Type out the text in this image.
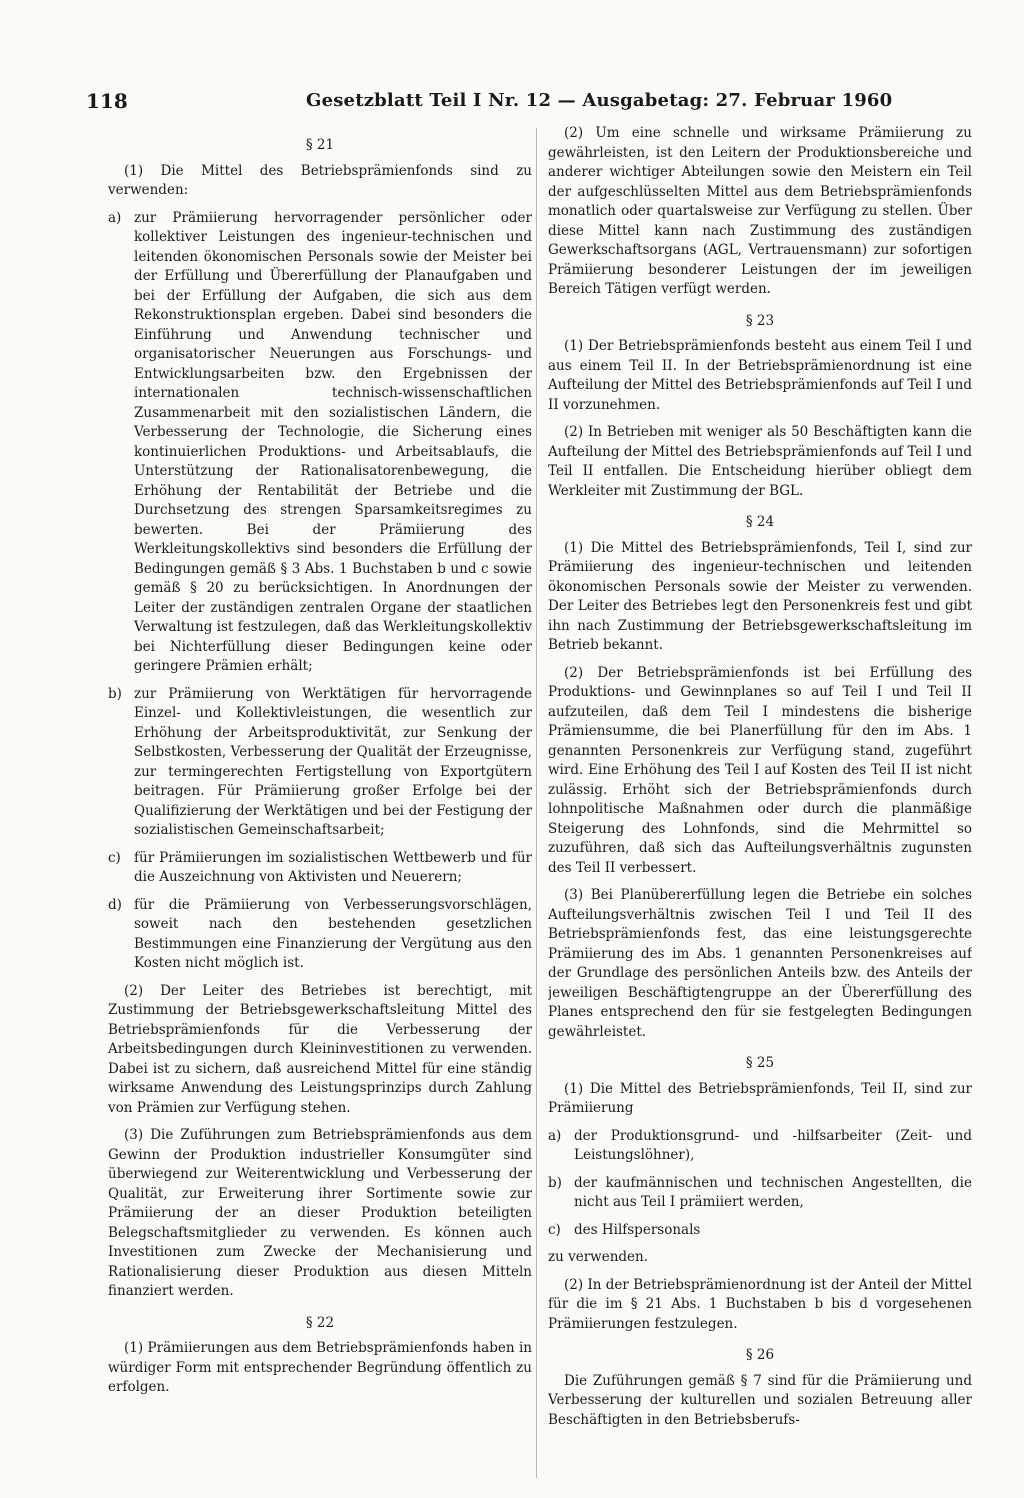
118	Gesetzblatt Teil I Nr. 12 — Ausgabetag: 27. Februar 1960

§ 21

(1) Die Mittel des Betriebsprämienfonds sind zu verwenden:

a) zur Prämiierung hervorragender persönlicher oder kollektiver Leistungen des ingenieur-technischen und leitenden ökonomischen Personals sowie der Meister bei der Erfüllung und Übererfüllung der Planaufgaben und bei der Erfüllung der Aufgaben, die sich aus dem Rekonstruktionsplan ergeben. Dabei sind besonders die Einführung und Anwendung technischer und organisatorischer Neuerungen aus Forschungs- und Entwicklungsarbeiten bzw. den Ergebnissen der internationalen technisch-wissenschaftlichen Zusammenarbeit mit den sozialistischen Ländern, die Verbesserung der Technologie, die Sicherung eines kontinuierlichen Produktions- und Arbeitsablaufs, die Unterstützung der Rationalisatorenbewegung, die Erhöhung der Rentabilität der Betriebe und die Durchsetzung des strengen Sparsamkeitsregimes zu bewerten. Bei der Prämiierung des Werkleitungskollektivs sind besonders die Erfüllung der Bedingungen gemäß § 3 Abs. 1 Buchstaben b und c sowie gemäß § 20 zu berücksichtigen. In Anordnungen der Leiter der zuständigen zentralen Organe der staatlichen Verwaltung ist festzulegen, daß das Werkleitungskollektiv bei Nichterfüllung dieser Bedingungen keine oder geringere Prämien erhält;
b) zur Prämiierung von Werktätigen für hervorragende Einzel- und Kollektivleistungen, die wesentlich zur Erhöhung der Arbeitsproduktivität, zur Senkung der Selbstkosten, Verbesserung der Qualität der Erzeugnisse, zur termingerechten Fertigstellung von Exportgütern beitragen. Für Prämiierung großer Erfolge bei der Qualifizierung der Werktätigen und bei der Festigung der sozialistischen Gemeinschaftsarbeit;
c) für Prämiierungen im sozialistischen Wettbewerb und für die Auszeichnung von Aktivisten und Neuerern;
d) für die Prämiierung von Verbesserungsvorschlägen, soweit nach den bestehenden gesetzlichen Bestimmungen eine Finanzierung der Vergütung aus den Kosten nicht möglich ist.

(2) Der Leiter des Betriebes ist berechtigt, mit Zustimmung der Betriebsgewerkschaftsleitung Mittel des Betriebsprämienfonds für die Verbesserung der Arbeitsbedingungen durch Kleininvestitionen zu verwenden. Dabei ist zu sichern, daß ausreichend Mittel für eine ständig wirksame Anwendung des Leistungsprinzips durch Zahlung von Prämien zur Verfügung stehen.

(3) Die Zuführungen zum Betriebsprämienfonds aus dem Gewinn der Produktion industrieller Konsumgüter sind überwiegend zur Weiterentwicklung und Verbesserung der Qualität, zur Erweiterung ihrer Sortimente sowie zur Prämiierung der an dieser Produktion beteiligten Belegschaftsmitglieder zu verwenden. Es können auch Investitionen zum Zwecke der Mechanisierung und Rationalisierung dieser Produktion aus diesen Mitteln finanziert werden.

§ 22

(1) Prämiierungen aus dem Betriebsprämienfonds haben in würdiger Form mit entsprechender Begründung öffentlich zu erfolgen.

(2) Um eine schnelle und wirksame Prämiierung zu gewährleisten, ist den Leitern der Produktionsbereiche und anderer wichtiger Abteilungen sowie den Meistern ein Teil der aufgeschlüsselten Mittel aus dem Betriebsprämienfonds monatlich oder quartalsweise zur Verfügung zu stellen. Über diese Mittel kann nach Zustimmung des zuständigen Gewerkschaftsorgans (AGL, Vertrauensmann) zur sofortigen Prämiierung besonderer Leistungen der im jeweiligen Bereich Tätigen verfügt werden.

§ 23

(1) Der Betriebsprämienfonds besteht aus einem Teil I und aus einem Teil II. In der Betriebsprämienordnung ist eine Aufteilung der Mittel des Betriebsprämienfonds auf Teil I und II vorzunehmen.

(2) In Betrieben mit weniger als 50 Beschäftigten kann die Aufteilung der Mittel des Betriebsprämienfonds auf Teil I und Teil II entfallen. Die Entscheidung hierüber obliegt dem Werkleiter mit Zustimmung der BGL.

§ 24

(1) Die Mittel des Betriebsprämienfonds, Teil I, sind zur Prämiierung des ingenieur-technischen und leitenden ökonomischen Personals sowie der Meister zu verwenden. Der Leiter des Betriebes legt den Personenkreis fest und gibt ihn nach Zustimmung der Betriebsgewerkschaftsleitung im Betrieb bekannt.

(2) Der Betriebsprämienfonds ist bei Erfüllung des Produktions- und Gewinnplanes so auf Teil I und Teil II aufzuteilen, daß dem Teil I mindestens die bisherige Prämiensumme, die bei Planerfüllung für den im Abs. 1 genannten Personenkreis zur Verfügung stand, zugeführt wird. Eine Erhöhung des Teil I auf Kosten des Teil II ist nicht zulässig. Erhöht sich der Betriebsprämienfonds durch lohnpolitische Maßnahmen oder durch die planmäßige Steigerung des Lohnfonds, sind die Mehrmittel so zuzuführen, daß sich das Aufteilungsverhältnis zugunsten des Teil II verbessert.

(3) Bei Planübererfüllung legen die Betriebe ein solches Aufteilungsverhältnis zwischen Teil I und Teil II des Betriebsprämienfonds fest, das eine leistungsgerechte Prämiierung des im Abs. 1 genannten Personenkreises auf der Grundlage des persönlichen Anteils bzw. des Anteils der jeweiligen Beschäftigtengruppe an der Übererfüllung des Planes entsprechend den für sie festgelegten Bedingungen gewährleistet.

§ 25

(1) Die Mittel des Betriebsprämienfonds, Teil II, sind zur Prämiierung

a) der Produktionsgrund- und -hilfsarbeiter (Zeit- und Leistungslöhner),
b) der kaufmännischen und technischen Angestellten, die nicht aus Teil I prämiiert werden,
c) des Hilfspersonals

zu verwenden.

(2) In der Betriebsprämienordnung ist der Anteil der Mittel für die im § 21 Abs. 1 Buchstaben b bis d vorgesehenen Prämiierungen festzulegen.

§ 26

Die Zuführungen gemäß § 7 sind für die Prämiierung und Verbesserung der kulturellen und sozialen Betreuung aller Beschäftigten in den Betriebsberufs-
